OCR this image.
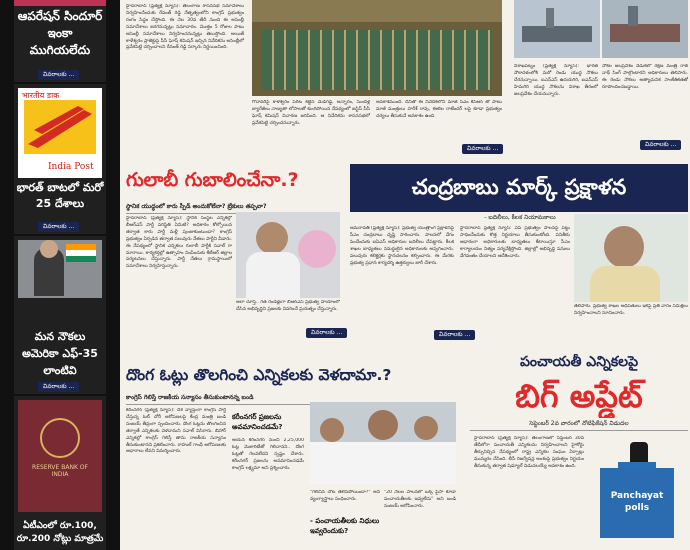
ఆపరేషన్ సిందూర్ ఇంకా ముగియలేదు
వివరాలకు ...
भारतीय डाक
India Post
భారత్ బాటలో మరో 25 దేశాలు
వివరాలకు ...
మన నౌకలు అమెరికా ఎఫ్-35 లాంటివి
వివరాలకు ...
RESERVE BANK OF INDIA
ఏటీఎంలో రూ.100, రూ.200 నోట్లు మాత్రమే
హైదరాబాద్ (ఫ్రత్యక్ష న్యూస్): తెలంగాణ శాసనసభ సమావేశాలు నిర్వహించేందుకు రేవంత్ రెడ్డి నేతృత్వంలోని కాంగ్రెస్ ప్రభుత్వం రంగం సిద్ధం చేస్తోంది. ఈ నెల 30వ తేదీ నుంచి ఈ అసెంబ్లీ సమావేశాలు జరగనున్నట్లు సమాచారం. మొత్తం 5 రోజుల పాటు అసెంబ్లీ సమావేశాలు నిర్వహించనున్నట్లు తెలుస్తోంది. అయితే కాళేశ్వరం ప్రాజెక్టుపై పీసీ ఘోష్ కమిషన్ ఇచ్చిన నివేదికను అసెంబ్లీలో ప్రవేశపెట్టి చర్చించాలని రేవంత్ రెడ్డి సర్కారు నిర్ణయించింది.
గోదావరిపై కాళేశ్వరం పేరిట కట్టిన మేడిగడ్డ, అన్నారం, సుందిళ్ల బ్యారేజీలు నాణ్యతా లోపాలతో కుంగిపోయిన నేపథ్యంలో జస్టిస్ పీసీ ఘోష్ కమిషన్ విచారణ జరిపింది. ఆ నివేదికను శాసనసభలో ప్రవేశపెట్టి చర్చించనున్నారు.
అవకాశముంది. దీనితో ఈ నివేదికలోని మాజీ సీఎం కేసీఆర్ తో పాటు మాజీ మంత్రులు హరీశ్ రావు, ఈటెల రాజేందర్ లపై కూడా ప్రభుత్వం చర్యలు తీసుకునే అవకాశం ఉంది.
వివరాలకు ...
విశాఖపట్నం (ఫ్రత్యక్ష న్యూస్): భారత నౌకాదళంలోకి మరో రెండు యుద్ధ నౌకలు చేరనున్నాయి. ఐఎన్ఎస్ ఉదయగిరి, ఐఎన్ఎస్ హిమగిరి యుద్ధ నౌకలను విశాఖ తీరంలో జలప్రవేశం చేయనున్నారు.
నౌకల జలప్రవేశం వేడుకలో రక్షణ మంత్రి రాజ్ నాథ్ సింగ్ పాల్గొంటారని అధికారులు తెలిపారు. ఈ రెండు నౌకలు అత్యాధునిక సాంకేతికతతో రూపొందించబడ్డాయి.
వివరాలకు ...
గులాబీ గుబాలించేనా.?
స్థానిక యుద్ధంలో కారు స్పీడ్ అందుకోలేనా? బ్రేకులు తప్పవా?
హైదరాబాద్ (ఫ్రత్యక్ష న్యూస్): స్థానిక సంస్థల ఎన్నికల్లో బీఆర్ఎస్ పార్టీ పరిస్థితి ఏమిటి? అధికారం కోల్పోయిన తర్వాత కారు పార్టీ మళ్లీ పుంజుకుంటుందా? కాంగ్రెస్ ప్రభుత్వం ఏర్పడిన తర్వాత పలువురు నేతలు పార్టీని వీడారు. ఈ నేపథ్యంలో స్థానిక ఎన్నికలు గులాబీ పార్టీకి సవాల్ గా మారాయి. కార్యకర్తల్లో ఉత్సాహం నింపేందుకు కేటీఆర్ జిల్లాల పర్యటనలు చేస్తున్నారు. పార్టీ నేతలు గ్రామస్థాయిలో సమావేశాలు నిర్వహిస్తున్నారు.
అలా చూస్తే.. గత రెండేళ్లుగా బీఆర్ఎస్ ప్రభుత్వ హయాంలో చేసిన అభివృద్ధిని ప్రజలకు వివరించే ప్రయత్నం చేస్తున్నారు.
వివరాలకు ...
చంద్రబాబు మార్క్ ప్రక్షాళన
- బదిలీలు, కీలక నియామకాలు
అమరావతి (ఫ్రత్యక్ష న్యూస్): ప్రభుత్వ యంత్రాంగ ప్రక్షాళనపై సీఎం చంద్రబాబు దృష్టి సారించారు. పాలనలో వేగం పెంచేందుకు ఐఏఎస్ అధికారుల బదిలీలు చేపట్టారు. కీలక శాఖల బాధ్యతలు సమర్థులైన అధికారులకు అప్పగించారు. పలువురు కలెక్టర్లకు స్థానచలనం కల్పించారు. ఈ మేరకు ప్రభుత్వ ప్రధాన కార్యదర్శి ఉత్తర్వులు జారీ చేశారు.
హైదరాబాద్ ఫ్రత్యక్ష న్యూస్: ఏపీ ప్రభుత్వం పాలనపై పట్టు సాధించేందుకు కొత్త నిర్ణయాలు తీసుకుంటోంది. పనితీరు ఆధారంగా అధికారులకు బాధ్యతలు కేటాయిస్తూ సీఎం కార్యాలయం నిత్యం పర్యవేక్షిస్తోంది. జిల్లాల్లో అభివృద్ధి పనులు వేగవంతం చేయాలని ఆదేశించారు.
తెలిపారు. ప్రభుత్వ శాఖల అధిపతులు ఇకపై ప్రతి వారం సమీక్షలు నిర్వహించాలని సూచించారు.
వివరాలకు ...
దొంగ ఓట్లు తొలగించి ఎన్నికలకు వెళదామా.?
కాంగ్రెస్ గెలిస్తే రాజకీయ సన్యాసం తీసుకుంటానన్న బండి
కరీంనగర్ (ఫ్రత్యక్ష న్యూస్): దేశ వ్యాప్తంగా కాంగ్రెస్ పార్టీ చేస్తున్న ఓట్ చోరీ ఆరోపణలపై కేంద్ర మంత్రి బండి సంజయ్ తీవ్రంగా స్పందించారు. దొంగ ఓట్లను తొలగించిన తర్వాతే ఎన్నికలకు వెళదామని సవాల్ విసిరారు. బిహార్ ఎన్నికల్లో కాంగ్రెస్ గెలిస్తే తాను రాజకీయ సన్యాసం తీసుకుంటానని ప్రకటించారు. రాహుల్ గాంధీ ఆరోపణలకు ఆధారాలు లేవని విమర్శించారు.
కరీంనగర్ ప్రజలను అవమానించడమే?
ఆయన కరీంనగర్ నుంచి 2,25,000 ఓట్ల మెజారిటీతో గెలిచానని.. దొంగ ఓట్లతో గెలవలేదని స్పష్టం చేశారు. కరీంనగర్ ప్రజలను అవమానించడమే కాంగ్రెస్ లక్ష్యమా అని ప్రశ్నించారు.
"గెలిచిన చోట తెలిసిపోయిందా?" అని వ్యంగ్యాస్త్రాలు సంధించారు.
- పంచాయతీలకు నిధులు ఇవ్వరెందుకు?
"20 నెలల పాలనలో ఒక్క పైసా కూడా పంచాయతీలకు ఇవ్వలేదు" అని బండి సంజయ్ ఆరోపించారు.
పంచాయతీ ఎన్నికలపై
బిగ్ అప్డేట్
సెప్టెంబర్ 2వ వారంలో నోటిఫికేషన్ విడుదల
హైదరాబాద్ (ఫ్రత్యక్ష న్యూస్): తెలంగాణలో సెప్టెంబర్ 30వ తేదీలోగా పంచాయతీ ఎన్నికలను నిర్వహించాలని హైకోర్టు తీర్పునిచ్చిన నేపథ్యంలో రాష్ట్ర ఎన్నికల సంఘం ఏర్పాట్లు ముమ్మరం చేసింది. బీసీ రిజర్వేషన్ల అంశంపై ప్రభుత్వం నిర్ణయం తీసుకున్న తర్వాత షెడ్యూల్ విడుదలయ్యే అవకాశం ఉంది.
Panchayat polls
